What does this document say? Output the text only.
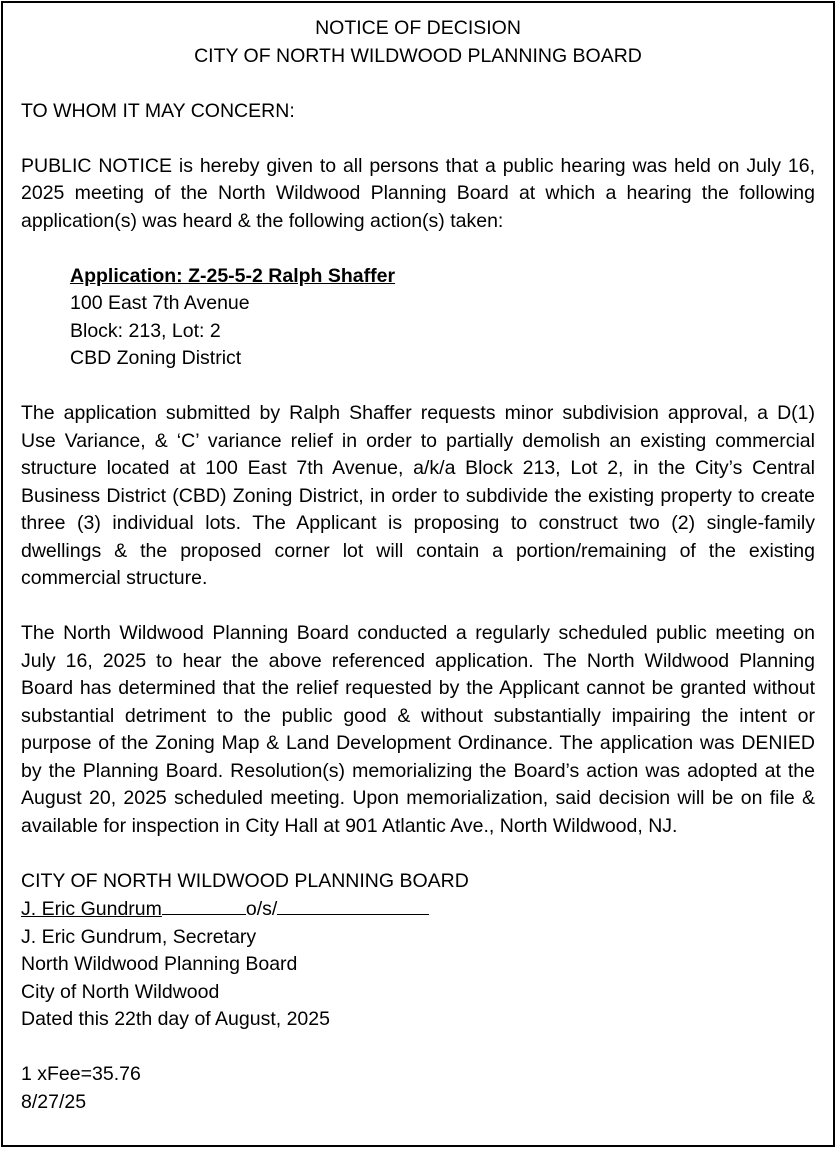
NOTICE OF DECISION
CITY OF NORTH WILDWOOD PLANNING BOARD

TO WHOM IT MAY CONCERN:

PUBLIC NOTICE is hereby given to all persons that a public hearing was held on July 16, 2025 meeting of the North Wildwood Planning Board at which a hearing the following application(s) was heard & the following action(s) taken:

Application: Z-25-5-2 Ralph Shaffer
100 East 7th Avenue
Block: 213, Lot: 2
CBD Zoning District

The application submitted by Ralph Shaffer requests minor subdivision approval, a D(1) Use Variance, & ‘C’ variance relief in order to partially demolish an existing commercial structure located at 100 East 7th Avenue, a/k/a Block 213, Lot 2, in the City’s Central Business District (CBD) Zoning District, in order to subdivide the existing property to create three (3) individual lots. The Applicant is proposing to construct two (2) single-family dwellings & the proposed corner lot will contain a portion/remaining of the existing commercial structure.

The North Wildwood Planning Board conducted a regularly scheduled public meeting on July 16, 2025 to hear the above referenced application. The North Wildwood Planning Board has determined that the relief requested by the Applicant cannot be granted without substantial detriment to the public good & without substantially impairing the intent or purpose of the Zoning Map & Land Development Ordinance. The application was DENIED by the Planning Board. Resolution(s) memorializing the Board’s action was adopted at the August 20, 2025 scheduled meeting. Upon memorialization, said decision will be on file & available for inspection in City Hall at 901 Atlantic Ave., North Wildwood, NJ.

CITY OF NORTH WILDWOOD PLANNING BOARD
J. Eric Gundrum	o/s/
J. Eric Gundrum, Secretary
North Wildwood Planning Board
City of North Wildwood
Dated this 22th day of August, 2025
1 xFee=35.76
8/27/25
